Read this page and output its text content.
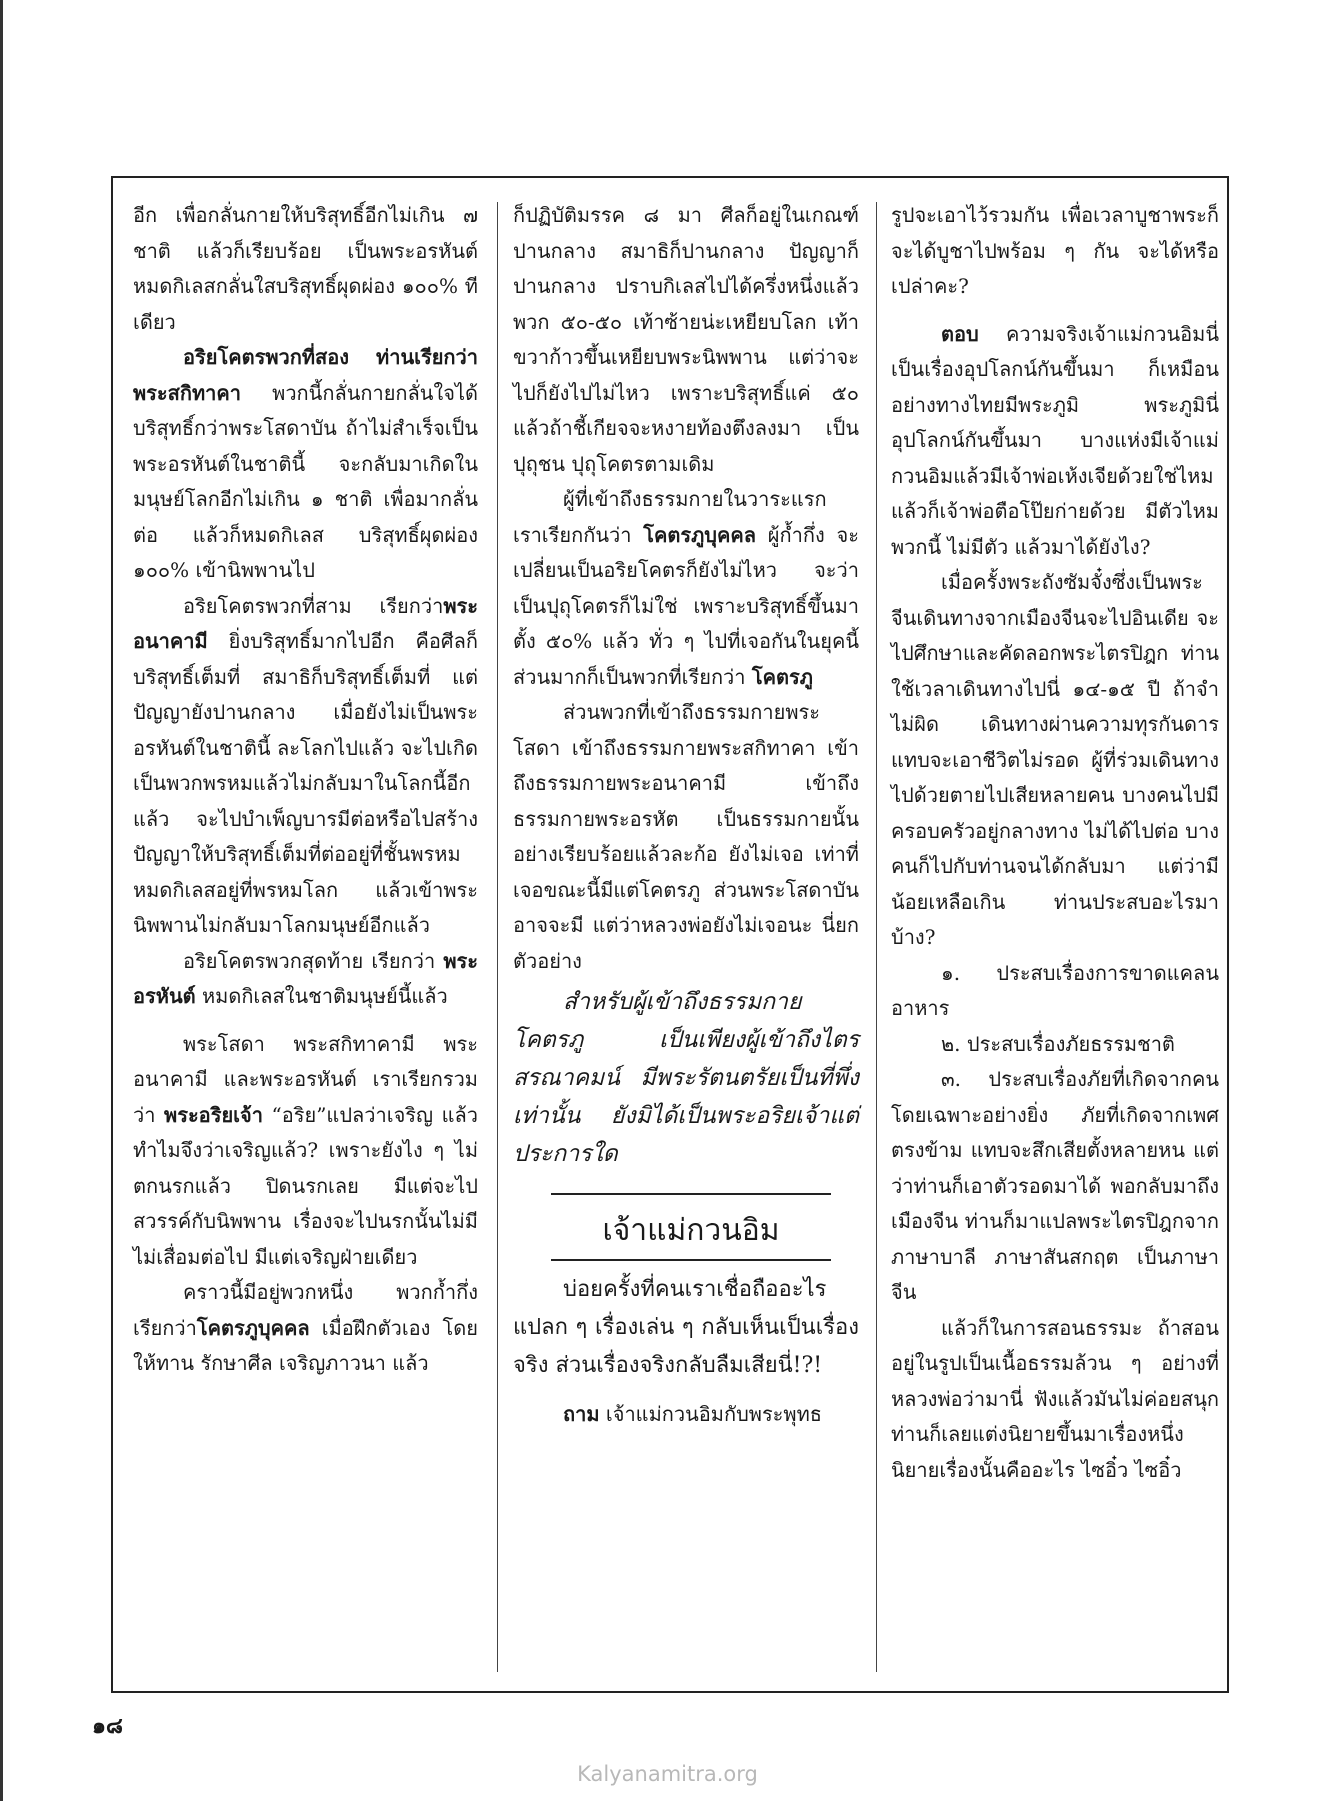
อีก เพื่อกลั่นกายให้บริสุทธิ์อีกไม่เกิน ๗ ชาติ แล้วก็เรียบร้อย เป็นพระอรหันต์ หมดกิเลสกลั่นใสบริสุทธิ์ผุดผ่อง ๑๐๐% ทีเดียว

อริยโคตรพวกที่สอง ท่านเรียกว่า พระสกิทาคา พวกนี้กลั่นกายกลั่นใจได้บริสุทธิ์กว่าพระโสดาบัน ถ้าไม่สำเร็จเป็นพระอรหันต์ในชาตินี้ จะกลับมาเกิดในมนุษย์โลกอีกไม่เกิน ๑ ชาติ เพื่อมากลั่นต่อ แล้วก็หมดกิเลส บริสุทธิ์ผุดผ่อง ๑๐๐% เข้านิพพานไป

อริยโคตรพวกที่สาม เรียกว่าพระอนาคามี ยิ่งบริสุทธิ์มากไปอีก คือศีลก็บริสุทธิ์เต็มที่ สมาธิก็บริสุทธิ์เต็มที่ แต่ปัญญายังปานกลาง เมื่อยังไม่เป็นพระอรหันต์ในชาตินี้ ละโลกไปแล้ว จะไปเกิดเป็นพวกพรหมแล้วไม่กลับมาในโลกนี้อีกแล้ว จะไปบำเพ็ญบารมีต่อหรือไปสร้างปัญญาให้บริสุทธิ์เต็มที่ต่ออยู่ที่ชั้นพรหม หมดกิเลสอยู่ที่พรหมโลก แล้วเข้าพระนิพพานไม่กลับมาโลกมนุษย์อีกแล้ว

อริยโคตรพวกสุดท้าย เรียกว่า พระอรหันต์ หมดกิเลสในชาติมนุษย์นี้แล้ว

พระโสดา พระสกิทาคามี พระอนาคามี และพระอรหันต์ เราเรียกรวมว่า พระอริยเจ้า “อริย”แปลว่าเจริญ แล้ว ทำไมจึงว่าเจริญแล้ว? เพราะยังไง ๆ ไม่ตกนรกแล้ว ปิดนรกเลย มีแต่จะไปสวรรค์กับนิพพาน เรื่องจะไปนรกนั้นไม่มี ไม่เสื่อมต่อไป มีแต่เจริญฝ่ายเดียว

คราวนี้มีอยู่พวกหนึ่ง พวกก้ำกึ่ง เรียกว่าโคตรภูบุคคล เมื่อฝึกตัวเอง โดยให้ทาน รักษาศีล เจริญภาวนา แล้ว

ก็ปฏิบัติมรรค ๘ มา ศีลก็อยู่ในเกณฑ์ปานกลาง สมาธิก็ปานกลาง ปัญญาก็ปานกลาง ปราบกิเลสไปได้ครึ่งหนึ่งแล้ว พวก ๕๐-๕๐ เท้าซ้ายน่ะเหยียบโลก เท้าขวาก้าวขึ้นเหยียบพระนิพพาน แต่ว่าจะไปก็ยังไปไม่ไหว เพราะบริสุทธิ์แค่ ๕๐ แล้วถ้าชี้เกียจจะหงายท้องตึงลงมา เป็นปุถุชน ปุถุโคตรตามเดิม

ผู้ที่เข้าถึงธรรมกายในวาระแรก เราเรียกกันว่า โคตรภูบุคคล ผู้ก้ำกึ่ง จะเปลี่ยนเป็นอริยโคตรก็ยังไม่ไหว จะว่าเป็นปุถุโคตรก็ไม่ใช่ เพราะบริสุทธิ์ขึ้นมาตั้ง ๕๐% แล้ว ทั่ว ๆ ไปที่เจอกันในยุคนี้ ส่วนมากก็เป็นพวกที่เรียกว่า โคตรภู

ส่วนพวกที่เข้าถึงธรรมกายพระโสดา เข้าถึงธรรมกายพระสกิทาคา เข้าถึงธรรมกายพระอนาคามี เข้าถึงธรรมกายพระอรหัต เป็นธรรมกายนั้นอย่างเรียบร้อยแล้วละก้อ ยังไม่เจอ เท่าที่เจอขณะนี้มีแต่โคตรภู ส่วนพระโสดาบันอาจจะมี แต่ว่าหลวงพ่อยังไม่เจอนะ นี่ยกตัวอย่าง

สำหรับผู้เข้าถึงธรรมกายโคตรภู เป็นเพียงผู้เข้าถึงไตรสรณาคมน์ มีพระรัตนตรัยเป็นที่พึ่งเท่านั้น ยังมิได้เป็นพระอริยเจ้าแต่ประการใด

เจ้าแม่กวนอิม

บ่อยครั้งที่คนเราเชื่อถืออะไรแปลก ๆ เรื่องเล่น ๆ กลับเห็นเป็นเรื่องจริง ส่วนเรื่องจริงกลับลืมเสียนี่!?!

ถาม เจ้าแม่กวนอิมกับพระพุทธ

รูปจะเอาไว้รวมกัน เพื่อเวลาบูชาพระก็จะได้บูชาไปพร้อม ๆ กัน จะได้หรือเปล่าคะ?

ตอบ ความจริงเจ้าแม่กวนอิมนี่เป็นเรื่องอุปโลกน์กันขึ้นมา ก็เหมือนอย่างทางไทยมีพระภูมิ พระภูมินี่อุปโลกน์กันขึ้นมา บางแห่งมีเจ้าแม่กวนอิมแล้วมีเจ้าพ่อเห้งเจียด้วยใช่ไหม แล้วก็เจ้าพ่อตือโป๊ยก่ายด้วย มีตัวไหมพวกนี้ ไม่มีตัว แล้วมาได้ยังไง?

เมื่อครั้งพระถังซัมจั๋งซึ่งเป็นพระจีนเดินทางจากเมืองจีนจะไปอินเดีย จะไปศึกษาและคัดลอกพระไตรปิฎก ท่านใช้เวลาเดินทางไปนี่ ๑๔-๑๕ ปี ถ้าจำไม่ผิด เดินทางผ่านความทุรกันดารแทบจะเอาชีวิตไม่รอด ผู้ที่ร่วมเดินทางไปด้วยตายไปเสียหลายคน บางคนไปมีครอบครัวอยู่กลางทาง ไม่ได้ไปต่อ บางคนก็ไปกับท่านจนได้กลับมา แต่ว่ามีน้อยเหลือเกิน ท่านประสบอะไรมาบ้าง?

๑. ประสบเรื่องการขาดแคลนอาหาร

๒. ประสบเรื่องภัยธรรมชาติ

๓. ประสบเรื่องภัยที่เกิดจากคน โดยเฉพาะอย่างยิ่ง ภัยที่เกิดจากเพศตรงข้าม แทบจะสึกเสียตั้งหลายหน แต่ว่าท่านก็เอาตัวรอดมาได้ พอกลับมาถึงเมืองจีน ท่านก็มาแปลพระไตรปิฎกจากภาษาบาลี ภาษาสันสกฤต เป็นภาษาจีน

แล้วก็ในการสอนธรรมะ ถ้าสอนอยู่ในรูปเป็นเนื้อธรรมล้วน ๆ อย่างที่หลวงพ่อว่ามานี่ ฟังแล้วมันไม่ค่อยสนุก ท่านก็เลยแต่งนิยายขึ้นมาเรื่องหนึ่ง นิยายเรื่องนั้นคืออะไร ไซอิ๋ว ไซอิ๋ว

๑๘
Kalyanamitra.org
